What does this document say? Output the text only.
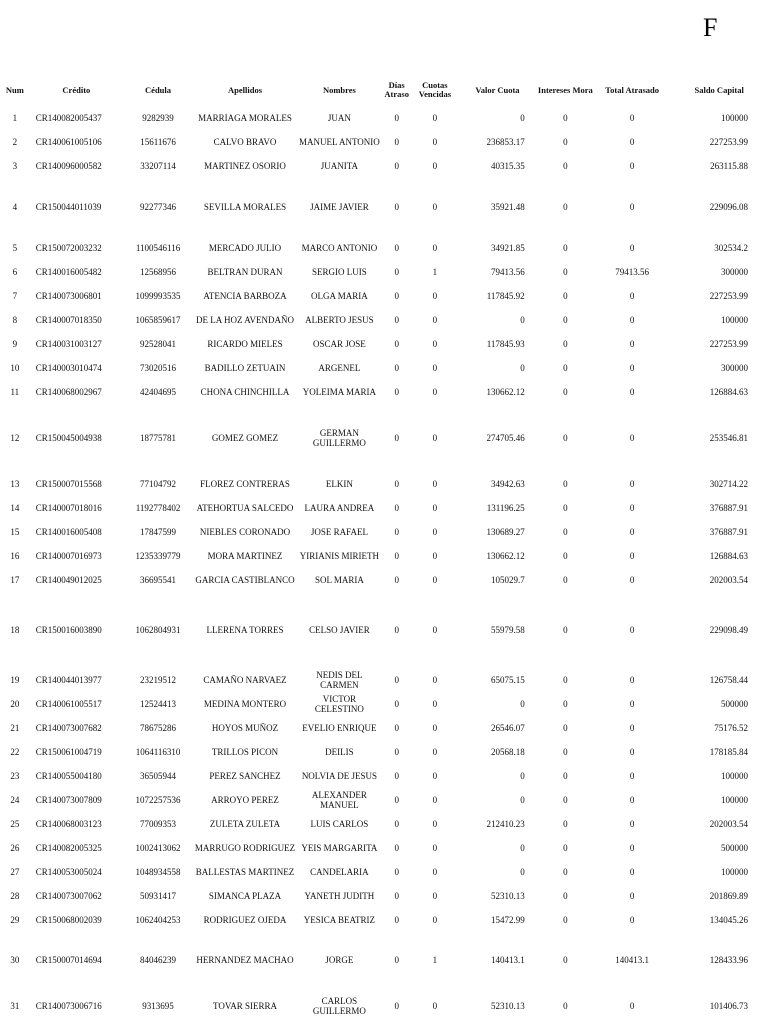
F
Num	Crédito	Cédula	Apellidos	Nombres	Días Atraso	Cuotas Vencidas	Valor Cuota	Intereses Mora	Total Atrasado	Saldo Capital
1	CR140082005437	9282939	MARRIAGA MORALES	JUAN	0	0	0	0	0	100000
2	CR140061005106	15611676	CALVO BRAVO	MANUEL ANTONIO	0	0	236853.17	0	0	227253.99
3	CR140096000582	33207114	MARTINEZ OSORIO	JUANITA	0	0	40315.35	0	0	263115.88
4	CR150044011039	92277346	SEVILLA MORALES	JAIME JAVIER	0	0	35921.48	0	0	229096.08
5	CR150072003232	1100546116	MERCADO JULIO	MARCO ANTONIO	0	0	34921.85	0	0	302534.2
6	CR140016005482	12568956	BELTRAN DURAN	SERGIO LUIS	0	1	79413.56	0	79413.56	300000
7	CR140073006801	1099993535	ATENCIA BARBOZA	OLGA MARIA	0	0	117845.92	0	0	227253.99
8	CR140007018350	1065859617	DE LA HOZ AVENDAÑO	ALBERTO JESUS	0	0	0	0	0	100000
9	CR140031003127	92528041	RICARDO MIELES	OSCAR JOSE	0	0	117845.93	0	0	227253.99
10	CR140003010474	73020516	BADILLO ZETUAIN	ARGENEL	0	0	0	0	0	300000
11	CR140068002967	42404695	CHONA CHINCHILLA	YOLEIMA MARIA	0	0	130662.12	0	0	126884.63
12	CR150045004938	18775781	GOMEZ GOMEZ	GERMAN GUILLERMO	0	0	274705.46	0	0	253546.81
13	CR150007015568	77104792	FLOREZ CONTRERAS	ELKIN	0	0	34942.63	0	0	302714.22
14	CR140007018016	1192778402	ATEHORTUA SALCEDO	LAURA ANDREA	0	0	131196.25	0	0	376887.91
15	CR140016005408	17847599	NIEBLES CORONADO	JOSE RAFAEL	0	0	130689.27	0	0	376887.91
16	CR140007016973	1235339779	MORA MARTINEZ	YIRIANIS MIRIETH	0	0	130662.12	0	0	126884.63
17	CR140049012025	36695541	GARCIA CASTIBLANCO	SOL MARIA	0	0	105029.7	0	0	202003.54
18	CR150016003890	1062804931	LLERENA TORRES	CELSO JAVIER	0	0	55979.58	0	0	229098.49
19	CR140044013977	23219512	CAMAÑO NARVAEZ	NEDIS DEL CARMEN	0	0	65075.15	0	0	126758.44
20	CR140061005517	12524413	MEDINA MONTERO	VICTOR CELESTINO	0	0	0	0	0	500000
21	CR140073007682	78675286	HOYOS MUÑOZ	EVELIO ENRIQUE	0	0	26546.07	0	0	75176.52
22	CR150061004719	1064116310	TRILLOS PICON	DEILIS	0	0	20568.18	0	0	178185.84
23	CR140055004180	36505944	PEREZ SANCHEZ	NOLVIA DE JESUS	0	0	0	0	0	100000
24	CR140073007809	1072257536	ARROYO PEREZ	ALEXANDER MANUEL	0	0	0	0	0	100000
25	CR140068003123	77009353	ZULETA ZULETA	LUIS CARLOS	0	0	212410.23	0	0	202003.54
26	CR140082005325	1002413062	MARRUGO RODRIGUEZ	YEIS MARGARITA	0	0	0	0	0	500000
27	CR140053005024	1048934558	BALLESTAS MARTINEZ	CANDELARIA	0	0	0	0	0	100000
28	CR140073007062	50931417	SIMANCA PLAZA	YANETH JUDITH	0	0	52310.13	0	0	201869.89
29	CR150068002039	1062404253	RODRIGUEZ OJEDA	YESICA BEATRIZ	0	0	15472.99	0	0	134045.26
30	CR150007014694	84046239	HERNANDEZ MACHAO	JORGE	0	1	140413.1	0	140413.1	128433.96
31	CR140073006716	9313695	TOVAR SIERRA	CARLOS GUILLERMO	0	0	52310.13	0	0	101406.73
